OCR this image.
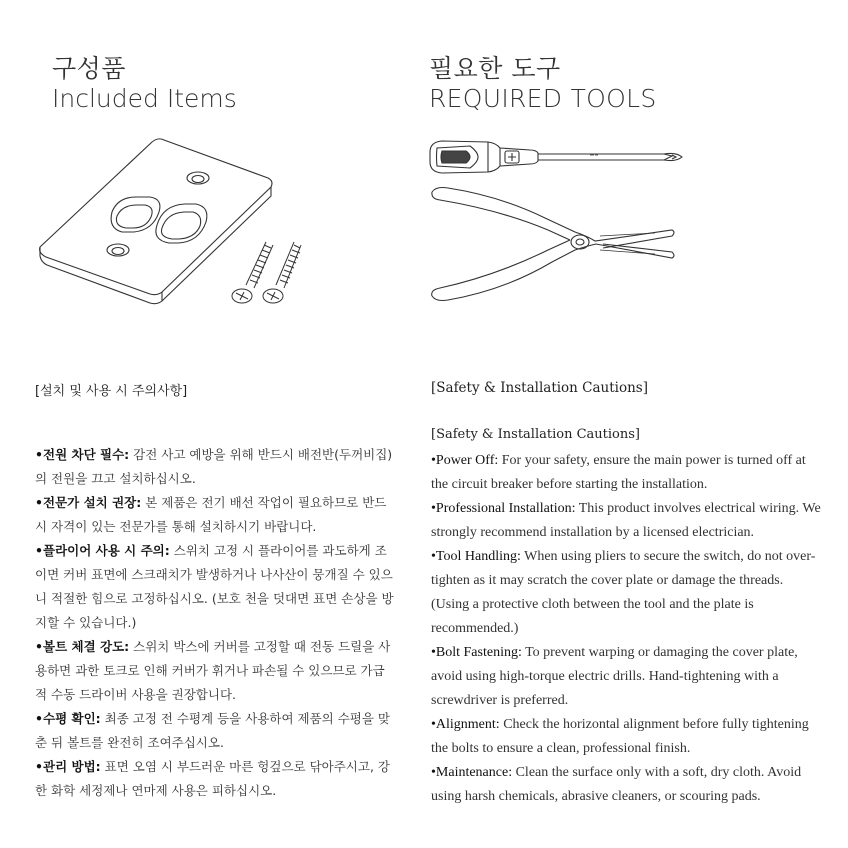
구성품
Included Items
필요한 도구
REQUIRED TOOLS
[설치 및 사용 시 주의사항]
•전원 차단 필수: 감전 사고 예방을 위해 반드시 배전반(두꺼비집)의 전원을 끄고 설치하십시오.
•전문가 설치 권장: 본 제품은 전기 배선 작업이 필요하므로 반드시 자격이 있는 전문가를 통해 설치하시기 바랍니다.
•플라이어 사용 시 주의: 스위치 고정 시 플라이어를 과도하게 조이면 커버 표면에 스크래치가 발생하거나 나사산이 뭉개질 수 있으니 적절한 힘으로 고정하십시오. (보호 천을 덧대면 표면 손상을 방지할 수 있습니다.)
•볼트 체결 강도: 스위치 박스에 커버를 고정할 때 전동 드릴을 사용하면 과한 토크로 인해 커버가 휘거나 파손될 수 있으므로 가급적 수동 드라이버 사용을 권장합니다.
•수평 확인: 최종 고정 전 수평계 등을 사용하여 제품의 수평을 맞춘 뒤 볼트를 완전히 조여주십시오.
•관리 방법: 표면 오염 시 부드러운 마른 헝겊으로 닦아주시고, 강한 화학 세정제나 연마제 사용은 피하십시오.
[Safety & Installation Cautions]
[Safety & Installation Cautions]
•Power Off: For your safety, ensure the main power is turned off at the circuit breaker before starting the installation.
•Professional Installation: This product involves electrical wiring. We strongly recommend installation by a licensed electrician.
•Tool Handling: When using pliers to secure the switch, do not over-tighten as it may scratch the cover plate or damage the threads. (Using a protective cloth between the tool and the plate is recommended.)
•Bolt Fastening: To prevent warping or damaging the cover plate, avoid using high-torque electric drills. Hand-tightening with a screwdriver is preferred.
•Alignment: Check the horizontal alignment before fully tightening the bolts to ensure a clean, professional finish.
•Maintenance: Clean the surface only with a soft, dry cloth. Avoid using harsh chemicals, abrasive cleaners, or scouring pads.
